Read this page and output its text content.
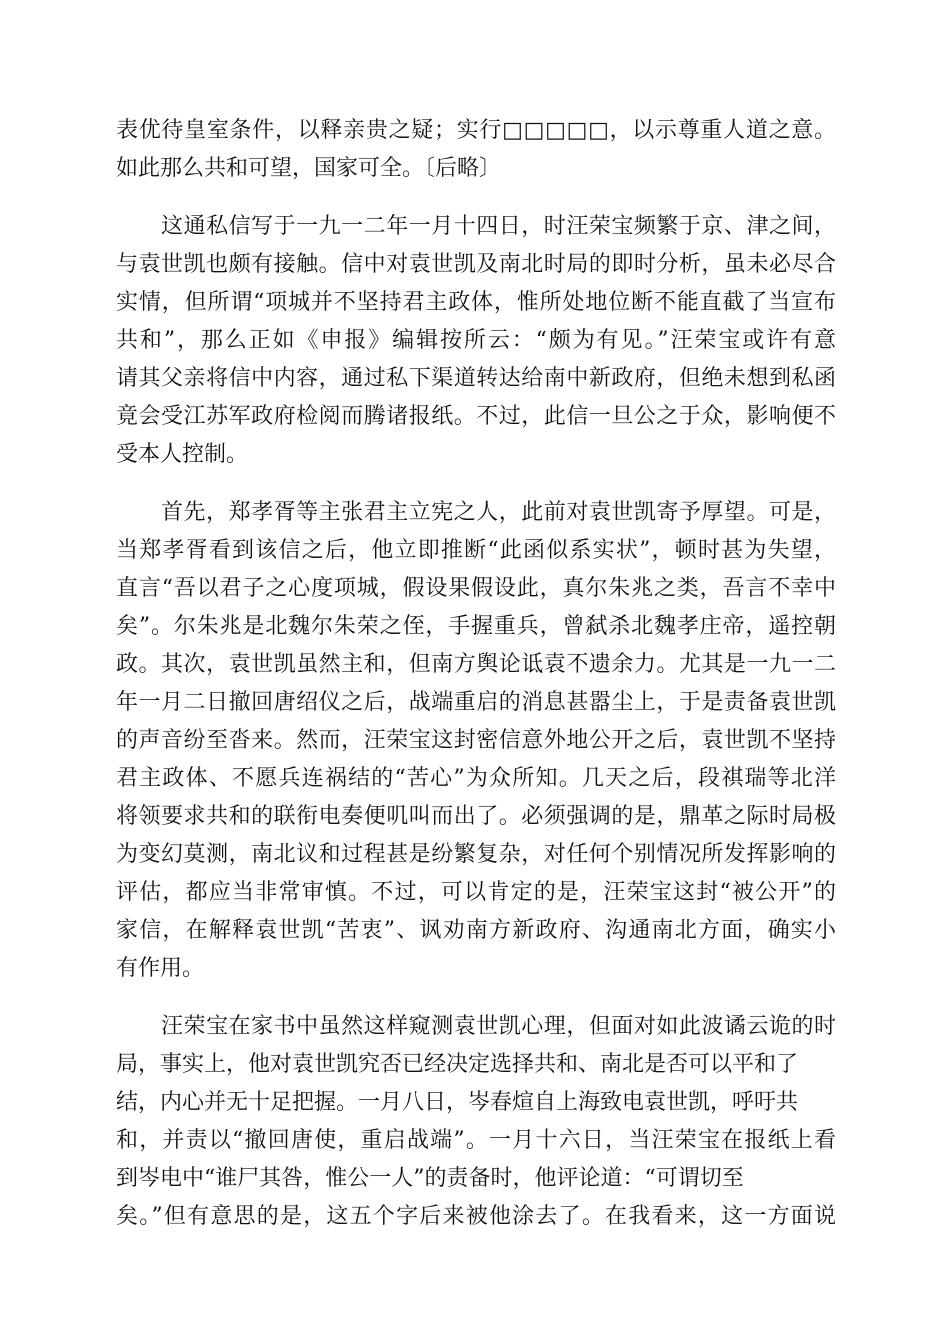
表优待皇室条件，以释亲贵之疑；实行□□□□□，以示尊重人道之意。
如此那么共和可望，国家可全。〔后略〕
　　这通私信写于一九一二年一月十四日，时汪荣宝频繁于京、津之间，
与袁世凯也颇有接触。信中对袁世凯及南北时局的即时分析，虽未必尽合
实情，但所谓“项城并不坚持君主政体，惟所处地位断不能直截了当宣布
共和”，那么正如《申报》编辑按所云：“颇为有见。”汪荣宝或许有意
请其父亲将信中内容，通过私下渠道转达给南中新政府，但绝未想到私函
竟会受江苏军政府检阅而腾诸报纸。不过，此信一旦公之于众，影响便不
受本人控制。
　　首先，郑孝胥等主张君主立宪之人，此前对袁世凯寄予厚望。可是，
当郑孝胥看到该信之后，他立即推断“此函似系实状”，顿时甚为失望，
直言“吾以君子之心度项城，假设果假设此，真尔朱兆之类，吾言不幸中
矣”。尔朱兆是北魏尔朱荣之侄，手握重兵，曾弑杀北魏孝庄帝，遥控朝
政。其次，袁世凯虽然主和，但南方舆论诋袁不遗余力。尤其是一九一二
年一月二日撤回唐绍仪之后，战端重启的消息甚嚣尘上，于是责备袁世凯
的声音纷至沓来。然而，汪荣宝这封密信意外地公开之后，袁世凯不坚持
君主政体、不愿兵连祸结的“苦心”为众所知。几天之后，段祺瑞等北洋
将领要求共和的联衔电奏便叽叫而出了。必须强调的是，鼎革之际时局极
为变幻莫测，南北议和过程甚是纷繁复杂，对任何个别情况所发挥影响的
评估，都应当非常审慎。不过，可以肯定的是，汪荣宝这封“被公开”的
家信，在解释袁世凯“苦衷”、讽劝南方新政府、沟通南北方面，确实小
有作用。
　　汪荣宝在家书中虽然这样窥测袁世凯心理，但面对如此波谲云诡的时
局，事实上，他对袁世凯究否已经决定选择共和、南北是否可以平和了
结，内心并无十足把握。一月八日，岑春煊自上海致电袁世凯，呼吁共
和，并责以“撤回唐使，重启战端”。一月十六日，当汪荣宝在报纸上看
到岑电中“谁尸其咎，惟公一人”的责备时，他评论道：“可谓切至
矣。”但有意思的是，这五个字后来被他涂去了。在我看来，这一方面说
